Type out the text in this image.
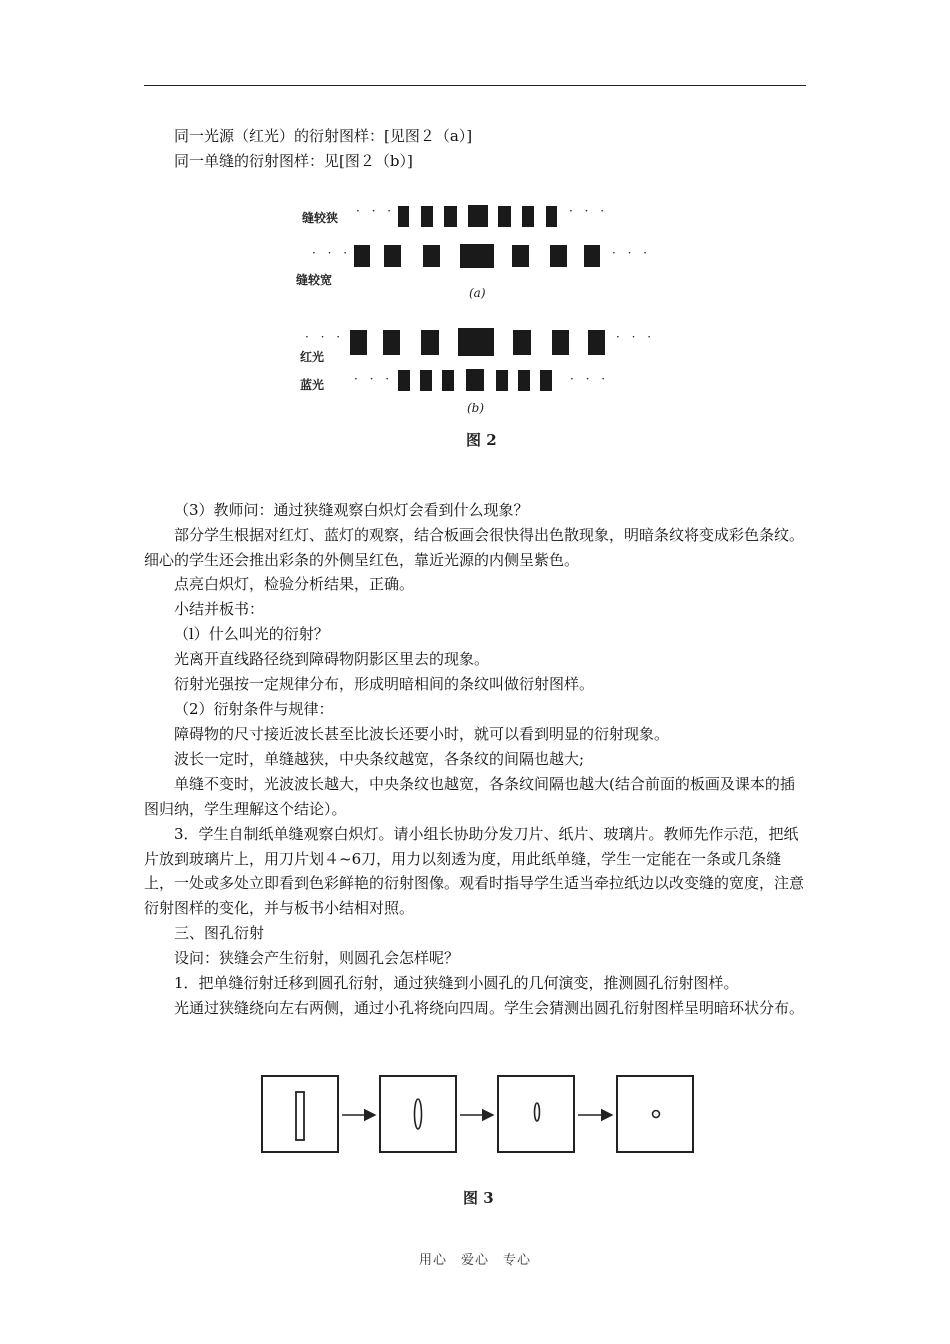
同一光源（红光）的衍射图样：[见图２（a）]

同一单缝的衍射图样：见[图２（b）]

缝较狭 · · ·	· · ·
· · ·	· · ·
缝较宽
(a)
· · ·	· · ·
红光
蓝光 · · ·	· · ·
(b)
图 2

（3）教师问：通过狭缝观察白炽灯会看到什么现象？

部分学生根据对红灯、蓝灯的观察，结合板画会很快得出色散现象，明暗条纹将变成彩色条纹。细心的学生还会推出彩条的外侧呈红色，靠近光源的内侧呈紫色。

点亮白炽灯，检验分析结果，正确。

小结并板书：

（l）什么叫光的衍射？

光离开直线路径绕到障碍物阴影区里去的现象。

衍射光强按一定规律分布，形成明暗相间的条纹叫做衍射图样。

（2）衍射条件与规律：

障碍物的尺寸接近波长甚至比波长还要小时，就可以看到明显的衍射现象。

波长一定时，单缝越狭，中央条纹越宽，各条纹的间隔也越大;

单缝不变时，光波波长越大，中央条纹也越宽，各条纹间隔也越大(结合前面的板画及课本的插图归纳，学生理解这个结论）。

3．学生自制纸单缝观察白炽灯。请小组长协助分发刀片、纸片、玻璃片。教师先作示范，把纸片放到玻璃片上，用刀片划４~6刀，用力以刻透为度，用此纸单缝，学生一定能在一条或几条缝上，一处或多处立即看到色彩鲜艳的衍射图像。观看时指导学生适当牵拉纸边以改变缝的宽度，注意衍射图样的变化，并与板书小结相对照。

三、图孔衍射

设问：狭缝会产生衍射，则圆孔会怎样呢？

1．把单缝衍射迁移到圆孔衍射，通过狭缝到小圆孔的几何演变，推测圆孔衍射图样。

光通过狭缝绕向左右两侧，通过小孔将绕向四周。学生会猜测出圆孔衍射图样呈明暗环状分布。

图 3
用心　爱心　专心
